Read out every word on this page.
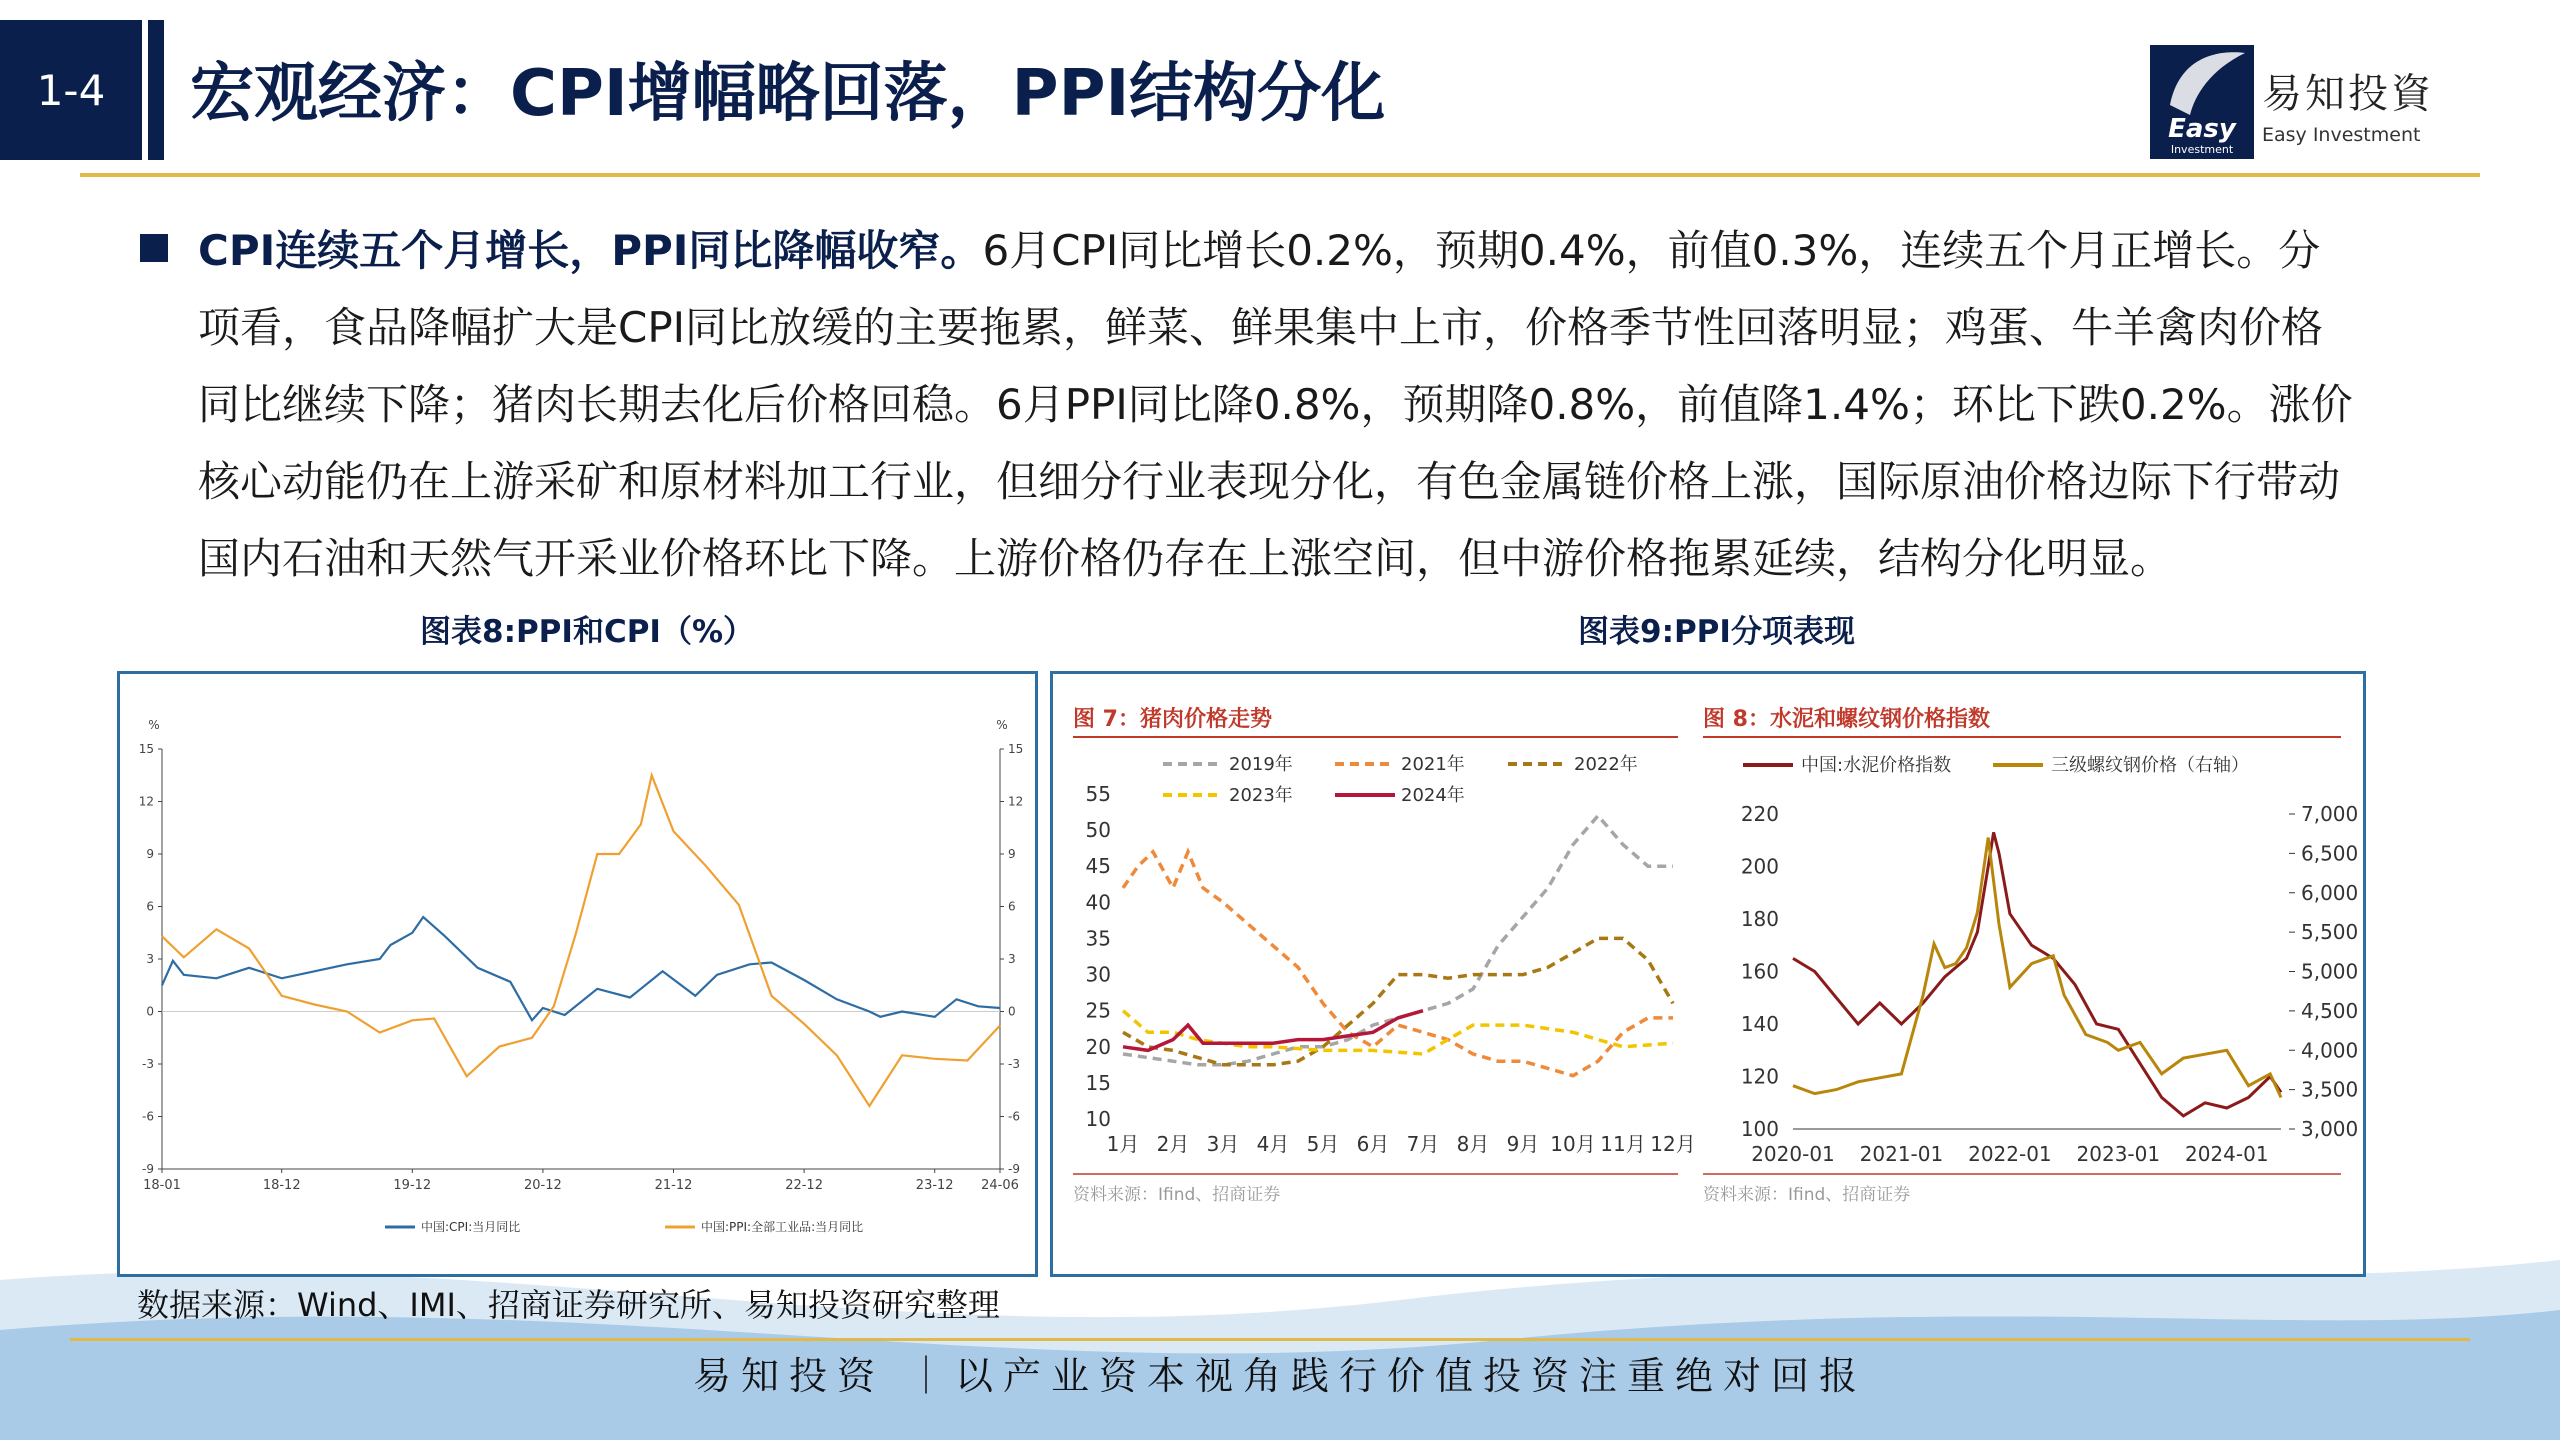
1-4	宏观经济：CPI增幅略回落，PPI结构分化	Easy
Investment
易知投資
Easy Investment
CPI连续五个月增长，PPI同比降幅收窄。6月CPI同比增长0.2%，预期0.4%，前值0.3%，连续五个月正增长。分项看，食品降幅扩大是CPI同比放缓的主要拖累，鲜菜、鲜果集中上市，价格季节性回落明显；鸡蛋、牛羊禽肉价格同比继续下降；猪肉长期去化后价格回稳。6月PPI同比降0.8%，预期降0.8%，前值降1.4%；环比下跌0.2%。涨价核心动能仍在上游采矿和原材料加工行业，但细分行业表现分化，有色金属链价格上涨，国际原油价格边际下行带动国内石油和天然气开采业价格环比下降。上游价格仍存在上涨空间，但中游价格拖累延续，结构分化明显。
图表8:PPI和CPI（%）	图表9:PPI分项表现
%	%
15	15
12	12
9	9
6	6
3	3
0	0
-3	-3
-6	-6
-9	-9
18-01	18-12	19-12	20-12	21-12	22-12	23-12 24-06
中国:CPI:当月同比	中国:PPI:全部工业品:当月同比
图 7：猪肉价格走势
55
50
45
40
35
30
25
20
15
10
1月 2月 3月 4月 5月 6月 7月 8月 9月 10月 11月 12月
2019年	2021年	2022年
2023年	2024年
资料来源：Ifind、招商证券
图 8：水泥和螺纹钢价格指数
220
200
180
160
140
120
100
7,000
6,500
6,000
5,500
5,000
4,500
4,000
3,500
3,000
2020-01 2021-01 2022-01 2023-01 2024-01
中国:水泥价格指数	三级螺纹钢价格（右轴）
资料来源：Ifind、招商证券
数据来源：Wind、IMI、招商证券研究所、易知投资研究整理
易知投资 ｜以产业资本视角践行价值投资注重绝对回报
